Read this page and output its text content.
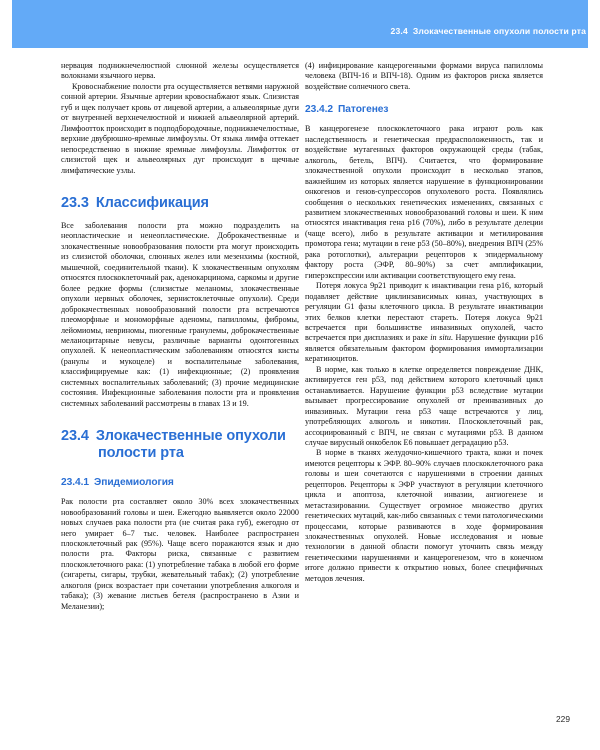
23.4 Злокачественные опухоли полости рта

нервация поднижнечелюстной слюнной железы осуществляется волокнами язычного нерва.

Кровоснабжение полости рта осуществляется ветвями наружной сонной артерии. Язычные артерии кровоснабжают язык. Слизистая губ и щек получает кровь от лицевой артерии, а альвеолярные дуги от внутренней верхнечелюстной и нижней альвеолярной артерий. Лимфоотток происходит в подподбородочные, поднижнечелюстные, верхние двубрюшно-яремные лимфоузлы. От языка лимфа оттекает непосредственно в нижние яремные лимфоузлы. Лимфотток от слизистой щек и альвеолярных дуг происходит в щечные лимфатические узлы.

23.3 Классификация

Все заболевания полости рта можно подразделить на неопластические и ненеопластические. Доброкачественные и злокачественные новообразования полости рта могут происходить из слизистой оболочки, слюнных желез или мезенхимы (костной, мышечной, соединительной ткани). К злокачественным опухолям относятся плоскоклеточный рак, аденокарцинома, саркомы и другие более редкие формы (слизистые меланомы, злокачественные опухоли нервных оболочек, зернистоклеточные опухоли). Среди доброкачественных новообразований полости рта встречаются плеоморфные и мономорфные аденомы, папилломы, фибромы, лейомиомы, невриномы, пиогенные гранулемы, доброкачественные меланоцитарные невусы, различные варианты одонтогенных опухолей. К ненеопластическим заболеваниям относятся кисты (ранулы и мукоцеле) и воспалительные заболевания, классифицируемые как: (1) инфекционные; (2) проявления системных воспалительных заболеваний; (3) прочие медицинские состояния. Инфекционные заболевания полости рта и проявления системных заболеваний рассмотрены в главах 13 и 19.

23.4 Злокачественные опухоли
полости рта
23.4.1 Эпидемиология

Рак полости рта составляет около 30% всех злокачественных новообразований головы и шеи. Ежегодно выявляется около 22000 новых случаев рака полости рта (не считая рака губ), ежегодно от него умирает 6–7 тыс. человек. Наиболее распространен плоскоклеточный рак (95%). Чаще всего поражаются язык и дно полости рта. Факторы риска, связанные с развитием плоскоклеточного рака: (1) употребление табака в любой его форме (сигареты, сигары, трубки, жевательный табак); (2) употребление алкоголя (риск возрастает при сочетании употребления алкоголя и табака); (3) жевание листьев бетеля (распространено в Азии и Меланезии);

(4) инфицирование канцерогенными формами вируса папилломы человека (ВПЧ-16 и ВПЧ-18). Одним из факторов риска является воздействие солнечного света.

23.4.2 Патогенез

В канцерогенезе плоскоклеточного рака играют роль как наследственность и генетическая предрасположенность, так и воздействие мутагенных факторов окружающей среды (табак, алкоголь, бетель, ВПЧ). Считается, что формирование злокачественной опухоли происходит в несколько этапов, важнейшим из которых является нарушение в функционировании онкогенов и генов-супрессоров опухолевого роста. Появлялись сообщения о нескольких генетических изменениях, связанных с развитием злокачественных новообразований головы и шеи. К ним относятся инактивация гена p16 (70%), либо в результате делеции (чаще всего), либо в результате активации и метилирования промотора гена; мутации в гене p53 (50–80%), внедрения ВПЧ (25% рака ротоглотки), альтерации рецепторов к эпидермальному фактору роста (ЭФР, 80–90%) за счет амплификации, гиперэкспрессии или активации соответствующего ему гена.

Потеря локуса 9p21 приводит к инактивации гена p16, который подавляет действие циклинзависимых киназ, участвующих в регуляции G1 фазы клеточного цикла. В результате инактивации этих белков клетки перестают стареть. Потеря локуса 9p21 встречается при большинстве инвазивных опухолей, часто встречается при дисплазиях и раке in situ. Нарушение функции p16 является обязательным фактором формирования иммортализации кератиноцитов.

В норме, как только в клетке определяется повреждение ДНК, активируется ген p53, под действием которого клеточный цикл останавливается. Нарушение функции p53 вследствие мутации вызывает прогрессирование опухолей от преинвазивных до инвазивных. Мутации гена p53 чаще встречаются у лиц, употребляющих алкоголь и никотин. Плоскоклеточный рак, ассоциированный с ВПЧ, не связан с мутациями p53. В данном случае вирусный онкобелок E6 повышает деградацию p53.

В норме в тканях желудочно-кишечного тракта, кожи и почек имеются рецепторы к ЭФР. 80–90% случаев плоскоклеточного рака головы и шеи сочетаются с нарушениями в строении данных рецепторов. Рецепторы к ЭФР участвуют в регуляции клеточного цикла и апоптоза, клеточной инвазии, ангиогенезе и метастазировании. Существует огромное множество других генетических мутаций, как-либо связанных с теми патологическими процессами, которые развиваются в ходе формирования злокачественных опухолей. Новые исследования и новые технологии в данной области помогут уточнить связь между генетическими нарушениями и канцерогенезом, что в конечном итоге должно привести к открытию новых, более специфичных методов лечения.

229
